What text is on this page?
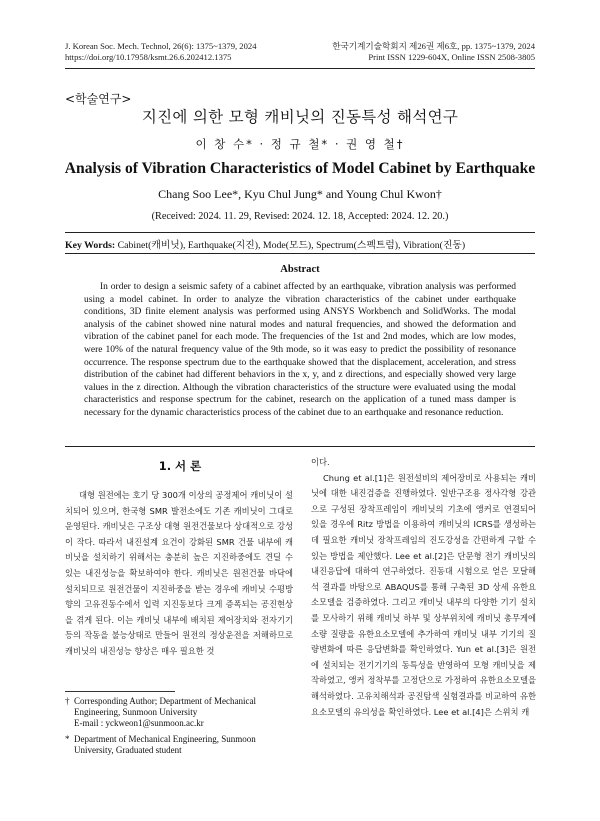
J. Korean Soc. Mech. Technol, 26(6): 1375~1379, 2024
https://doi.org/10.17958/ksmt.26.6.202412.1375
한국기계기술학회지 제26권 제6호, pp. 1375~1379, 2024
Print ISSN 1229-604X, Online ISSN 2508-3805
<학술연구>
지진에 의한 모형 캐비닛의 진동특성 해석연구
이 창 수* · 정 규 철* · 권 영 철†
Analysis of Vibration Characteristics of Model Cabinet by Earthquake
Chang Soo Lee*, Kyu Chul Jung* and Young Chul Kwon†
(Received: 2024. 11. 29, Revised: 2024. 12. 18, Accepted: 2024. 12. 20.)
Key Words: Cabinet(캐비닛), Earthquake(지진), Mode(모드), Spectrum(스펙트럼), Vibration(진동)
Abstract

In order to design a seismic safety of a cabinet affected by an earthquake, vibration analysis was performed using a model cabinet. In order to analyze the vibration characteristics of the cabinet under earthquake conditions, 3D finite element analysis was performed using ANSYS Workbench and SolidWorks. The modal analysis of the cabinet showed nine natural modes and natural frequencies, and showed the deformation and vibration of the cabinet panel for each mode. The frequencies of the 1st and 2nd modes, which are low modes, were 10% of the natural frequency value of the 9th mode, so it was easy to predict the possibility of resonance occurrence. The response spectrum due to the earthquake showed that the displacement, acceleration, and stress distribution of the cabinet had different behaviors in the x, y, and z directions, and especially showed very large values in the z direction. Although the vibration characteristics of the structure were evaluated using the modal characteristics and response spectrum for the cabinet, research on the application of a tuned mass damper is necessary for the dynamic characteristics process of the cabinet due to an earthquake and resonance reduction.

1. 서 론

대형 원전에는 호기 당 300개 이상의 공정제어 캐비닛이 설치되어 있으며, 한국형 SMR 발전소에도 기존 캐비닛이 그대로 운영된다. 캐비닛은 구조상 대형 원전건물보다 상대적으로 강성이 작다. 따라서 내진설계 요건이 강화된 SMR 건물 내부에 캐비닛을 설치하기 위해서는 충분히 높은 지진하중에도 견딜 수 있는 내진성능을 확보하여야 한다. 캐비닛은 원전건물 바닥에 설치되므로 원전건물이 지진하중을 받는 경우에 캐비닛 수평방향의 고유진동수에서 입력 지진동보다 크게 증폭되는 공진현상을 겪게 된다. 이는 캐비닛 내부에 배치된 제어장치와 전자기기 등의 작동을 불능상태로 만들어 원전의 정상운전을 저해하므로 캐비닛의 내진성능 향상은 매우 필요한 것

이다.
Chung et al.[1]은 원전설비의 제어장비로 사용되는 캐비닛에 대한 내진검증을 진행하였다. 일반구조용 정사각형 강관으로 구성된 장착프레임이 캐비닛의 기초에 앵커로 연결되어 있을 경우에 Ritz 방법을 이용하여 캐비닛의 ICRS를 생성하는데 필요한 캐비닛 장착프레임의 진도강성을 간편하게 구할 수 있는 방법을 제안했다. Lee et al.[2]은 단문형 전기 캐비닛의 내진응답에 대하여 연구하였다. 진동대 시험으로 얻은 모달해석 결과를 바탕으로 ABAQUS를 통해 구축된 3D 상세 유한요소모델을 검증하였다. 그리고 캐비닛 내부의 다양한 기기 설치를 모사하기 위해 캐비닛 하부 및 상부위치에 캐비닛 총무게에 소량 질량을 유한요소모델에 추가하여 캐비닛 내부 기기의 질량변화에 따른 응답변화를 확인하였다. Yun et al.[3]은 원전에 설치되는 전기기기의 동특성을 반영하여 모형 캐비닛을 제작하였고, 앵커 정착부를 고정단으로 가정하여 유한요소모델을 해석하였다. 고유치해석과 공진탐색 실험결과를 비교하여 유한요소모델의 유의성을 확인하였다. Lee et al.[4]은 스위치 캐
† Corresponding Author; Department of Mechanical
Engineering, Sunmoon University
E-mail : yckweon1@sunmoon.ac.kr
* Department of Mechanical Engineering, Sunmoon
University, Graduated student
